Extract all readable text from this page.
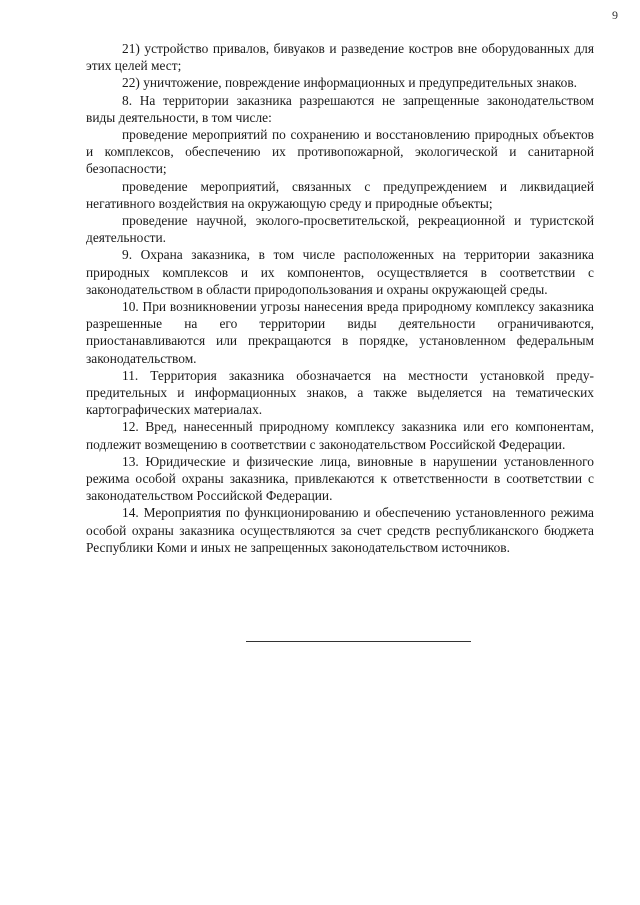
9

21) устройство привалов, бивуаков и разведение костров вне оборудованных для этих целей мест;

22) уничтожение, повреждение информационных и предупредительных знаков.

8. На территории заказника разрешаются не запрещенные законодательством виды деятельности, в том числе:

проведение мероприятий по сохранению и восстановлению природных объектов и комплексов, обеспечению их противопожарной, экологической и санитарной безопасности;

проведение мероприятий, связанных с предупреждением и ликвидацией негативного воздействия на окружающую среду и природные объекты;

проведение научной, эколого-просветительской, рекреационной и туристской деятельности.

9. Охрана заказника, в том числе расположенных на территории заказника природных комплексов и их компонентов, осуществляется в соответствии с законодательством в области природопользования и охраны окружающей среды.

10. При возникновении угрозы нанесения вреда природному комплексу заказника разрешенные на его территории виды деятельности ограничиваются, приостанавливаются или прекращаются в порядке, установленном федеральным законодательством.

11. Территория заказника обозначается на местности установкой предупредительных и информационных знаков, а также выделяется на тематических картографических материалах.

12. Вред, нанесенный природному комплексу заказника или его компонентам, подлежит возмещению в соответствии с законодательством Российской Федерации.

13. Юридические и физические лица, виновные в нарушении установленного режима особой охраны заказника, привлекаются к ответственности в соответствии с законодательством Российской Федерации.

14. Мероприятия по функционированию и обеспечению установленного режима особой охраны заказника осуществляются за счет средств республиканского бюджета Республики Коми и иных не запрещенных законодательством источников.
